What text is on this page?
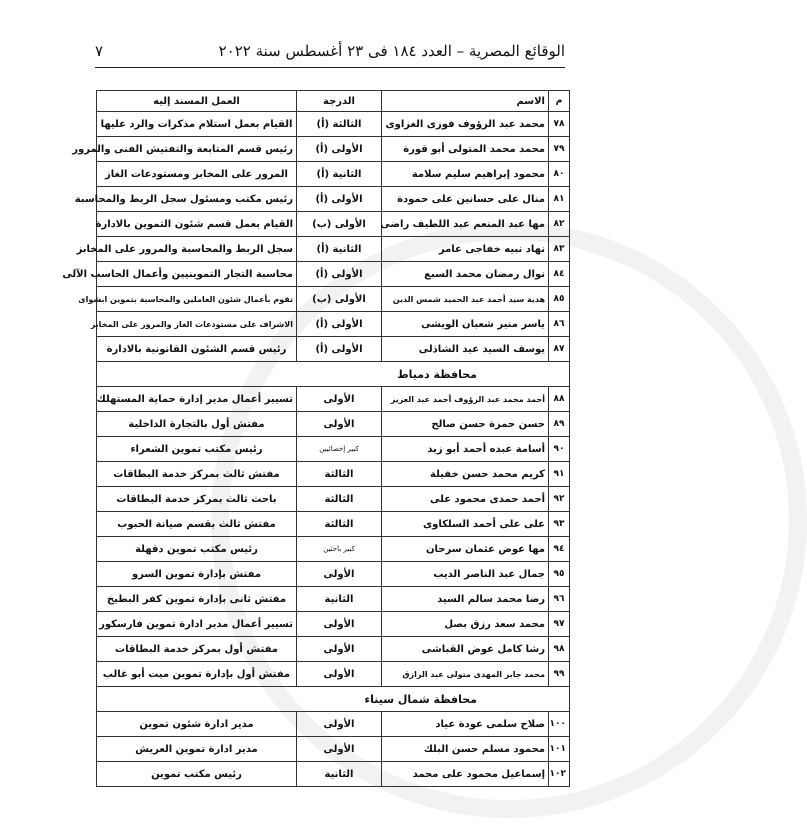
الوقائع المصرية – العدد ١٨٤ فى ٢٣ أغسطس سنة ٢٠٢٢
٧
م	الاسم	الدرجة	العمل المسند إليه
٧٨	محمد عبد الرؤوف فوزى الغزاوى	الثالثة (أ)	القيام بعمل استلام مذكرات والرد عليها
٧٩	محمد محمد المتولى أبو قورة	الأولى (أ)	رئيس قسم المتابعة والتفتيش الفنى والمرور
٨٠	محمود إبراهيم سليم سلامة	الثانية (أ)	المرور على المخابز ومستودعات الغاز
٨١	منال على حسانين على حمودة	الأولى (أ)	رئيس مكتب ومسئول سجل الربط والمحاسبة
٨٢	مها عبد المنعم عبد اللطيف راضى	الأولى (ب)	القيام بعمل قسم شئون التموين بالادارة
٨٣	نهاد نبيه خفاجى عامر	الثانية (أ)	سجل الربط والمحاسبة والمرور على المخابز
٨٤	نوال رمضان محمد السبع	الأولى (أ)	محاسبة التجار التموينيين وأعمال الحاسب الآلى
٨٥	هدية سيد أحمد عبد الحميد شمس الدين	الأولى (ب)	تقوم بأعمال شئون العاملين والمحاسبة بتموين ابشواى
٨٦	ياسر منير شعبان الويشى	الأولى (أ)	الاشراف على مستودعات الغاز والمرور على المخابز
٨٧	يوسف السيد عيد الشاذلى	الأولى (أ)	رئيس قسم الشئون القانونية بالادارة
محافظة دمياط			
٨٨	أحمد محمد عبد الرؤوف أحمد عبد العزيز	الأولى	تسيير أعمال مدير إدارة حماية المستهلك
٨٩	حسن حمزة حسن صالح	الأولى	مفتش أول بالتجارة الداخلية
٩٠	أسامة عبده أحمد أبو زيد	كبير إخصائيين	رئيس مكتب تموين الشعراء
٩١	كريم محمد حسن خفيلة	الثالثة	مفتش ثالث بمركز خدمة البطاقات
٩٢	أحمد حمدى محمود على	الثالثة	باحث ثالث بمركز خدمة البطاقات
٩٣	على على أحمد السلكاوى	الثالثة	مفتش ثالث بقسم صيانة الحبوب
٩٤	مها عوض عثمان سرحان	كبير باحثين	رئيس مكتب تموين دقهلة
٩٥	جمال عبد الناصر الديب	الأولى	مفتش بإدارة تموين السرو
٩٦	رضا محمد سالم السيد	الثانية	مفتش ثانى بإدارة تموين كفر البطيخ
٩٧	محمد سعد رزق بصل	الأولى	تسيير أعمال مدير ادارة تموين فارسكور
٩٨	رشا كامل عوض القباشى	الأولى	مفتش أول بمركز خدمة البطاقات
٩٩	محمد جابر المهدى متولى عبد الرازق	الأولى	مفتش أول بإدارة تموين ميت أبو غالب
محافظة شمال سيناء			
١٠٠	صلاح سلمى عودة عياد	الأولى	مدير ادارة شئون تموين
١٠١	محمود مسلم حسن البلك	الأولى	مدير ادارة تموين العريش
١٠٢	إسماعيل محمود على محمد	الثانية	رئيس مكتب تموين
